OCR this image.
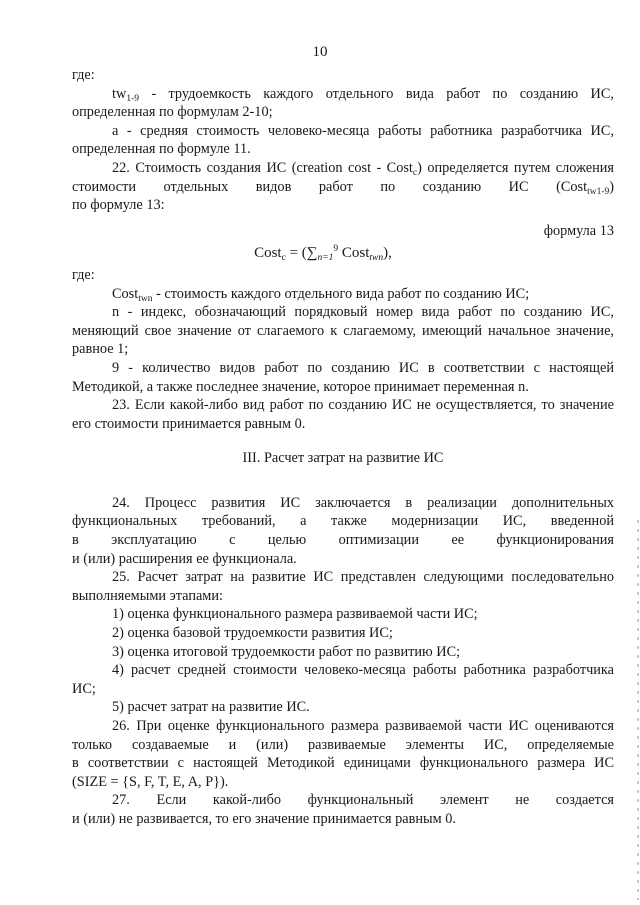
10

где:

$tw_{1-9}$ - трудоемкость каждого отдельного вида работ по созданию ИС, определенная по формулам 2-10;

а - средняя стоимость человеко-месяца работы работника разработчика ИС, определенная по формуле 11.

22. Стоимость создания ИС (creation cost - Cost$_c$) определяется путем сложения

стоимости отдельных видов работ по созданию ИС (Cost$_{tw1-9}$)

по формуле 13:

формула 13

Cost$_c$ = ($\sum_{n=1}^9$ Cost$_{twn}$),

где:

Cost$_{twn}$ - стоимость каждого отдельного вида работ по созданию ИС;

n - индекс, обозначающий порядковый номер вида работ по созданию ИС, меняющий свое значение от слагаемого к слагаемому, имеющий начальное значение, равное 1;

9 - количество видов работ по созданию ИС в соответствии с настоящей Методикой, а также последнее значение, которое принимает переменная n.

23. Если какой-либо вид работ по созданию ИС не осуществляется, то значение его стоимости принимается равным 0.

III. Расчет затрат на развитие ИС

24. Процесс развития ИС заключается в реализации дополнительных

функциональных требований, а также модернизации ИС, введенной

в эксплуатацию с целью оптимизации ее функционирования

и (или) расширения ее функционала.

25. Расчет затрат на развитие ИС представлен следующими последовательно выполняемыми этапами:

1) оценка функционального размера развиваемой части ИС;

2) оценка базовой трудоемкости развития ИС;

3) оценка итоговой трудоемкости работ по развитию ИС;

4) расчет средней стоимости человеко-месяца работы работника разработчика ИС;

5) расчет затрат на развитие ИС.

26. При оценке функционального размера развиваемой части ИС оцениваются

только создаваемые и (или) развиваемые элементы ИС, определяемые

в соответствии с настоящей Методикой единицами функционального размера ИС

(SIZE = {S, F, T, E, A, P}).

27. Если какой-либо функциональный элемент не создается

и (или) не развивается, то его значение принимается равным 0.
